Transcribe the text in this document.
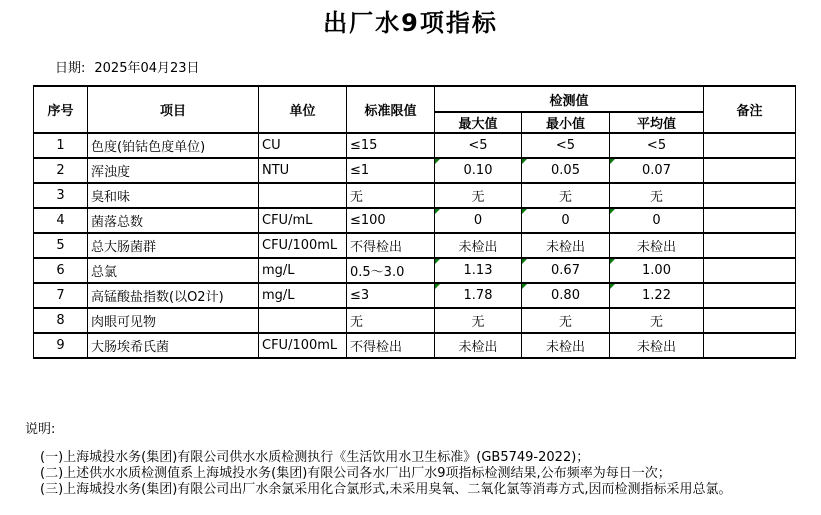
出厂水9项指标
日期: 2025年04月23日
序号	项目	单位	标准限值	检测值			备注
				最大值	最小值	平均值	
1	色度(铂钴色度单位)	CU	≤15	<5	<5	<5	
2	浑浊度	NTU	≤1	0.10	0.05	0.07	
3	臭和味		无	无	无	无	
4	菌落总数	CFU/mL	≤100	0	0	0	
5	总大肠菌群	CFU/100mL	不得检出	未检出	未检出	未检出	
6	总氯	mg/L	0.5～3.0	1.13	0.67	1.00	
7	高锰酸盐指数(以O2计)	mg/L	≤3	1.78	0.80	1.22	
8	肉眼可见物		无	无	无	无	
9	大肠埃希氏菌	CFU/100mL	不得检出	未检出	未检出	未检出	
说明:
(一)上海城投水务(集团)有限公司供水水质检测执行《生活饮用水卫生标准》(GB5749-2022)；
(二)上述供水水质检测值系上海城投水务(集团)有限公司各水厂出厂水9项指标检测结果,公布频率为每日一次；
(三)上海城投水务(集团)有限公司出厂水余氯采用化合氯形式,未采用臭氧、二氧化氯等消毒方式,因而检测指标采用总氯。
